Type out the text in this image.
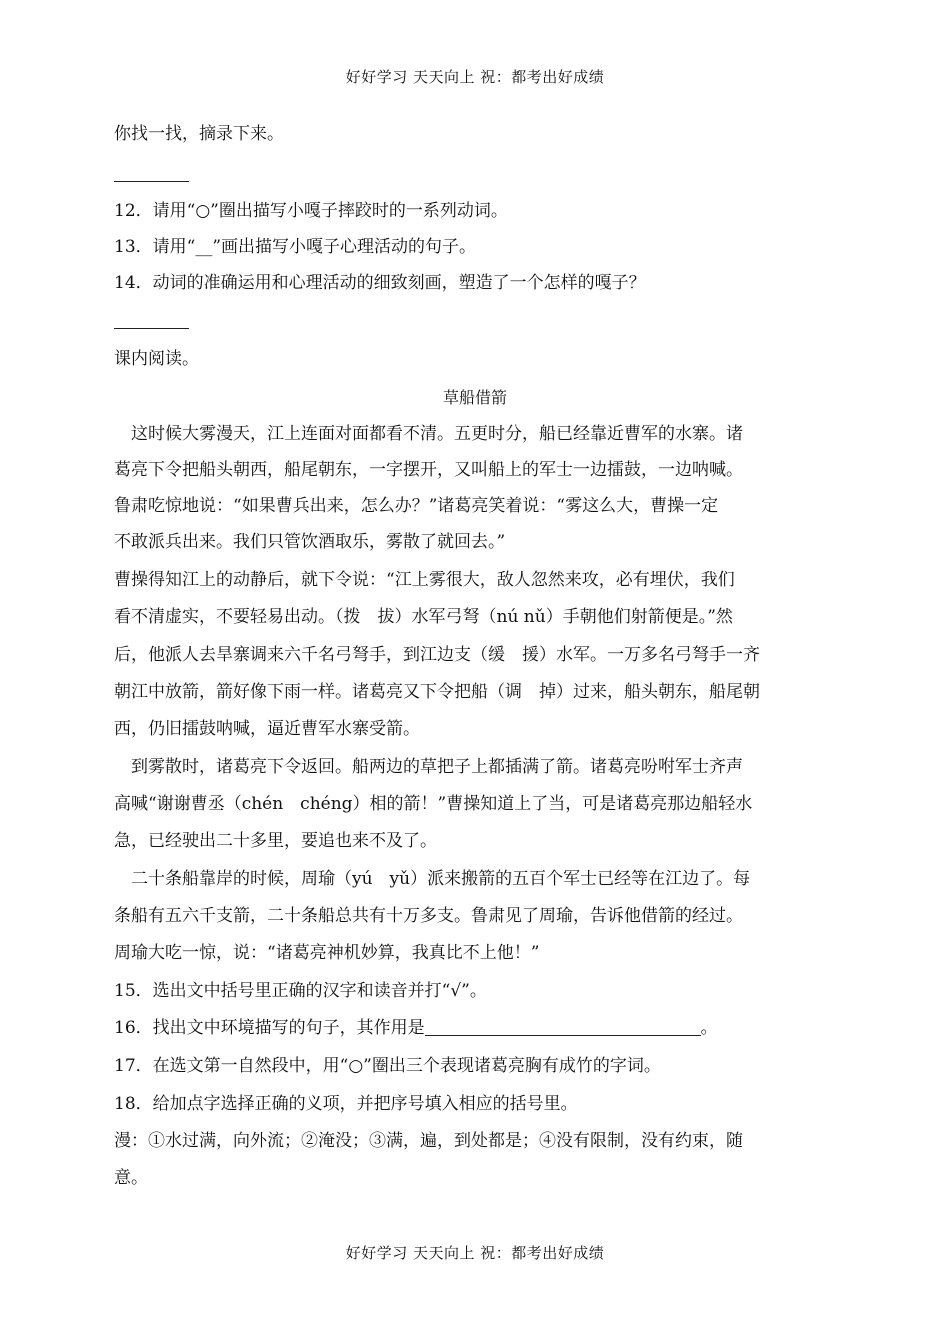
好好学习 天天向上 祝：都考出好成绩
你找一找，摘录下来。
12．请用“○”圈出描写小嘎子摔跤时的一系列动词。
13．请用“__”画出描写小嘎子心理活动的句子。
14．动词的准确运用和心理活动的细致刻画，塑造了一个怎样的嘎子？
课内阅读。
草船借箭
　这时候大雾漫天，江上连面对面都看不清。五更时分，船已经靠近曹军的水寨。诸
葛亮下令把船头朝西，船尾朝东，一字摆开，又叫船上的军士一边擂鼓，一边呐喊。
鲁肃吃惊地说：“如果曹兵出来，怎么办？”诸葛亮笑着说：“雾这么大，曹操一定
不敢派兵出来。我们只管饮酒取乐，雾散了就回去。”
曹操得知江上的动静后，就下令说：“江上雾很大，敌人忽然来攻，必有埋伏，我们
看不清虚实，不要轻易出动。（拨　拔）水军弓弩（nú nǔ）手朝他们射箭便是。”然
后，他派人去旱寨调来六千名弓弩手，到江边支（缓　援）水军。一万多名弓弩手一齐
朝江中放箭，箭好像下雨一样。诸葛亮又下令把船（调　掉）过来，船头朝东，船尾朝
西，仍旧擂鼓呐喊，逼近曹军水寨受箭。
　到雾散时，诸葛亮下令返回。船两边的草把子上都插满了箭。诸葛亮吩咐军士齐声
高喊“谢谢曹丞（chén　chéng）相的箭！”曹操知道上了当，可是诸葛亮那边船轻水
急，已经驶出二十多里，要追也来不及了。
　二十条船靠岸的时候，周瑜（yú　yǔ）派来搬箭的五百个军士已经等在江边了。每
条船有五六千支箭，二十条船总共有十万多支。鲁肃见了周瑜，告诉他借箭的经过。
周瑜大吃一惊，说：“诸葛亮神机妙算，我真比不上他！”
15．选出文中括号里正确的汉字和读音并打“√”。
16．找出文中环境描写的句子，其作用是	。
17．在选文第一自然段中，用“○”圈出三个表现诸葛亮胸有成竹的字词。
18．给加点字选择正确的义项，并把序号填入相应的括号里。
漫：①水过满，向外流；②淹没；③满，遍，到处都是；④没有限制，没有约束，随
意。
好好学习 天天向上 祝：都考出好成绩
